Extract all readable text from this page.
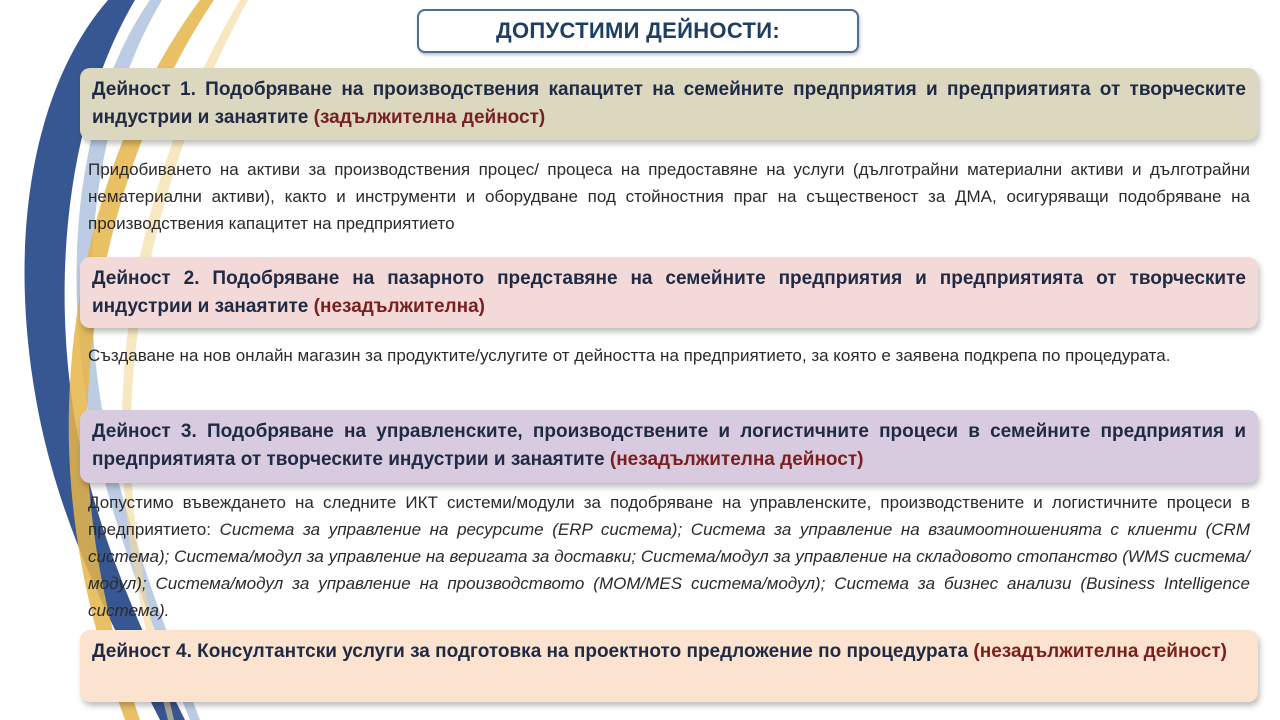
ДОПУСТИМИ ДЕЙНОСТИ:
Дейност 1. Подобряване на производствения капацитет на семейните предприятия и предприятията от творческите индустрии и занаятите (задължителна дейност)
Придобиването на активи за производствения процес/ процеса на предоставяне на услуги (дълготрайни материални активи и дълготрайни нематериални активи), както и инструменти и оборудване под стойностния праг на същественост за ДМА, осигуряващи подобряване на производствения капацитет на предприятието
Дейност 2. Подобряване на пазарното представяне на семейните предприятия и предприятията от творческите индустрии и занаятите (незадължителна)
Създаване на нов онлайн магазин за продуктите/услугите от дейността на предприятието, за която е заявена подкрепа по процедурата.
Дейност 3. Подобряване на управленските, производствените и логистичните процеси в семейните предприятия и предприятията от творческите индустрии и занаятите (незадължителна дейност)
Допустимо въвеждането на следните ИКТ системи/модули за подобряване на управленските, производствените и логистичните процеси в предприятието: Система за управление на ресурсите (ERP система); Система за управление на взаимоотношенията с клиенти (CRM система); Система/модул за управление на веригата за доставки; Система/модул за управление на складовото стопанство (WMS система/модул); Система/модул за управление на производството (MOM/MES система/модул); Система за бизнес анализи (Business Intelligence система).
Дейност 4. Консултантски услуги за подготовка на проектното предложение по процедурата (незадължителна дейност)
